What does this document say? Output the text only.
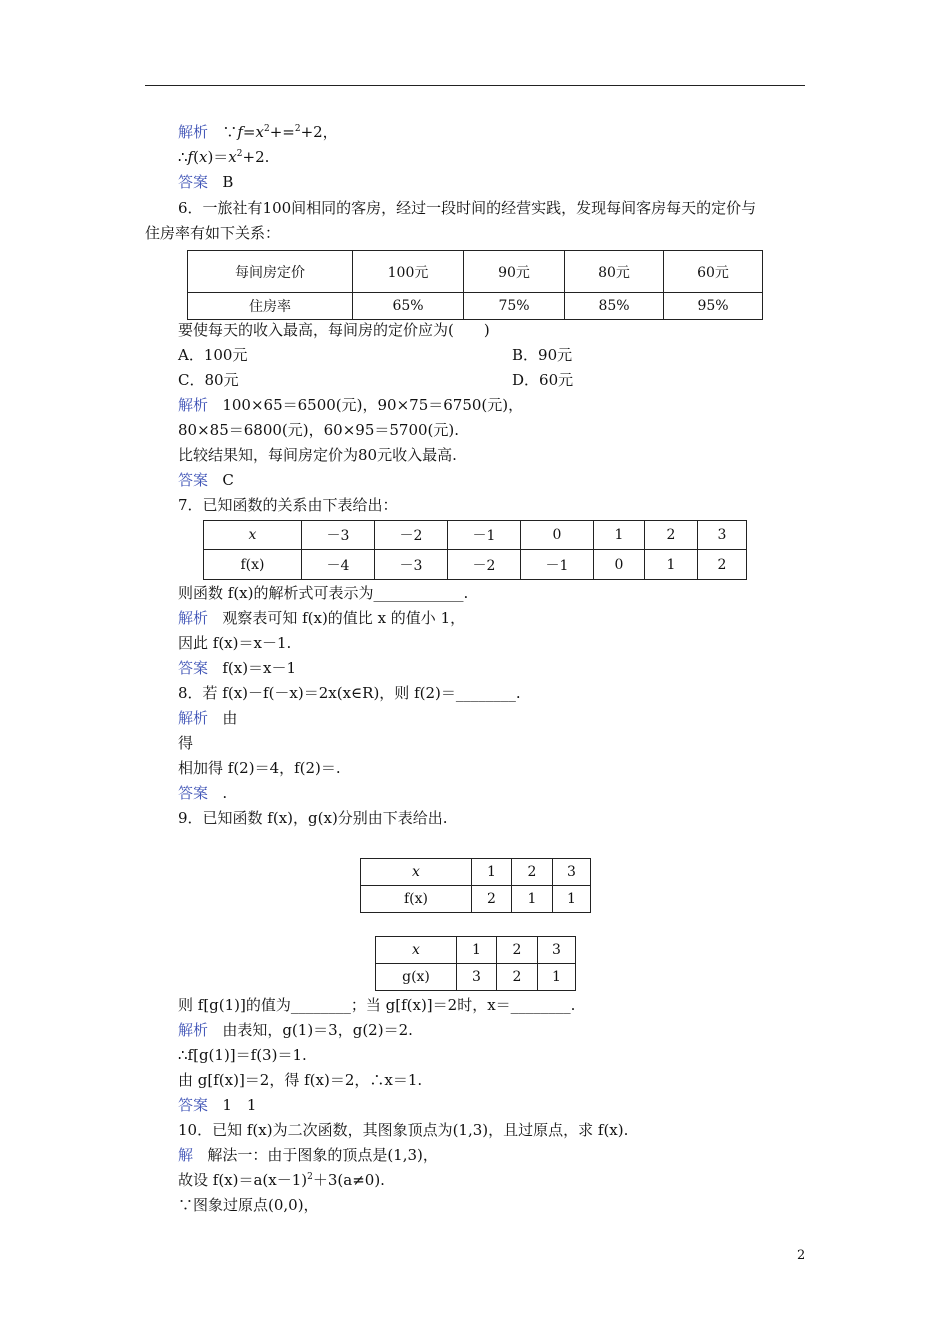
解析 $\because f=x^2+=^2+2$，
$\therefore f(x)=x^2+2$.
答案 B
6．一旅社有100间相同的客房，经过一段时间的经营实践，发现每间客房每天的定价与
住房率有如下关系：
每间房定价	100元	90元	80元	60元
住房率	65%	75%	85%	95%
要使每天的收入最高，每间房的定价应为(　　)
A．100元	B．90元
C．80元	D．60元
解析 100×65＝6500(元)，90×75＝6750(元)，
80×85＝6800(元)，60×95＝5700(元).
比较结果知，每间房定价为80元收入最高.
答案 C
7．已知函数的关系由下表给出：
x	－3	－2	－1	0	1	2	3
f(x)	－4	－3	－2	－1	0	1	2
则函数 f(x)的解析式可表示为____________.
解析 观察表可知 f(x)的值比 x 的值小 1，
因此 f(x)＝x－1.
答案 f(x)＝x－1
8．若 f(x)－f(－x)＝2x(x∈R)，则 f(2)＝________.
解析 由
得
相加得 f(2)＝4，f(2)＝.
答案 .
9．已知函数 f(x)，g(x)分别由下表给出.
x	1	2	3
f(x)	2	1	1
x	1	2	3
g(x)	3	2	1
则 f[g(1)]的值为________；当 g[f(x)]＝2时，x＝________.
解析 由表知，g(1)＝3，g(2)＝2.
∴f[g(1)]＝f(3)＝1.
由 g[f(x)]＝2，得 f(x)＝2，∴x＝1.
答案 1　1
10．已知 f(x)为二次函数，其图象顶点为(1,3)，且过原点，求 f(x).
解 解法一：由于图象的顶点是(1,3)，
故设 $f(x)=a(x-1)^2+3(a\ne 0)$.
∵图象过原点(0,0)，
2
